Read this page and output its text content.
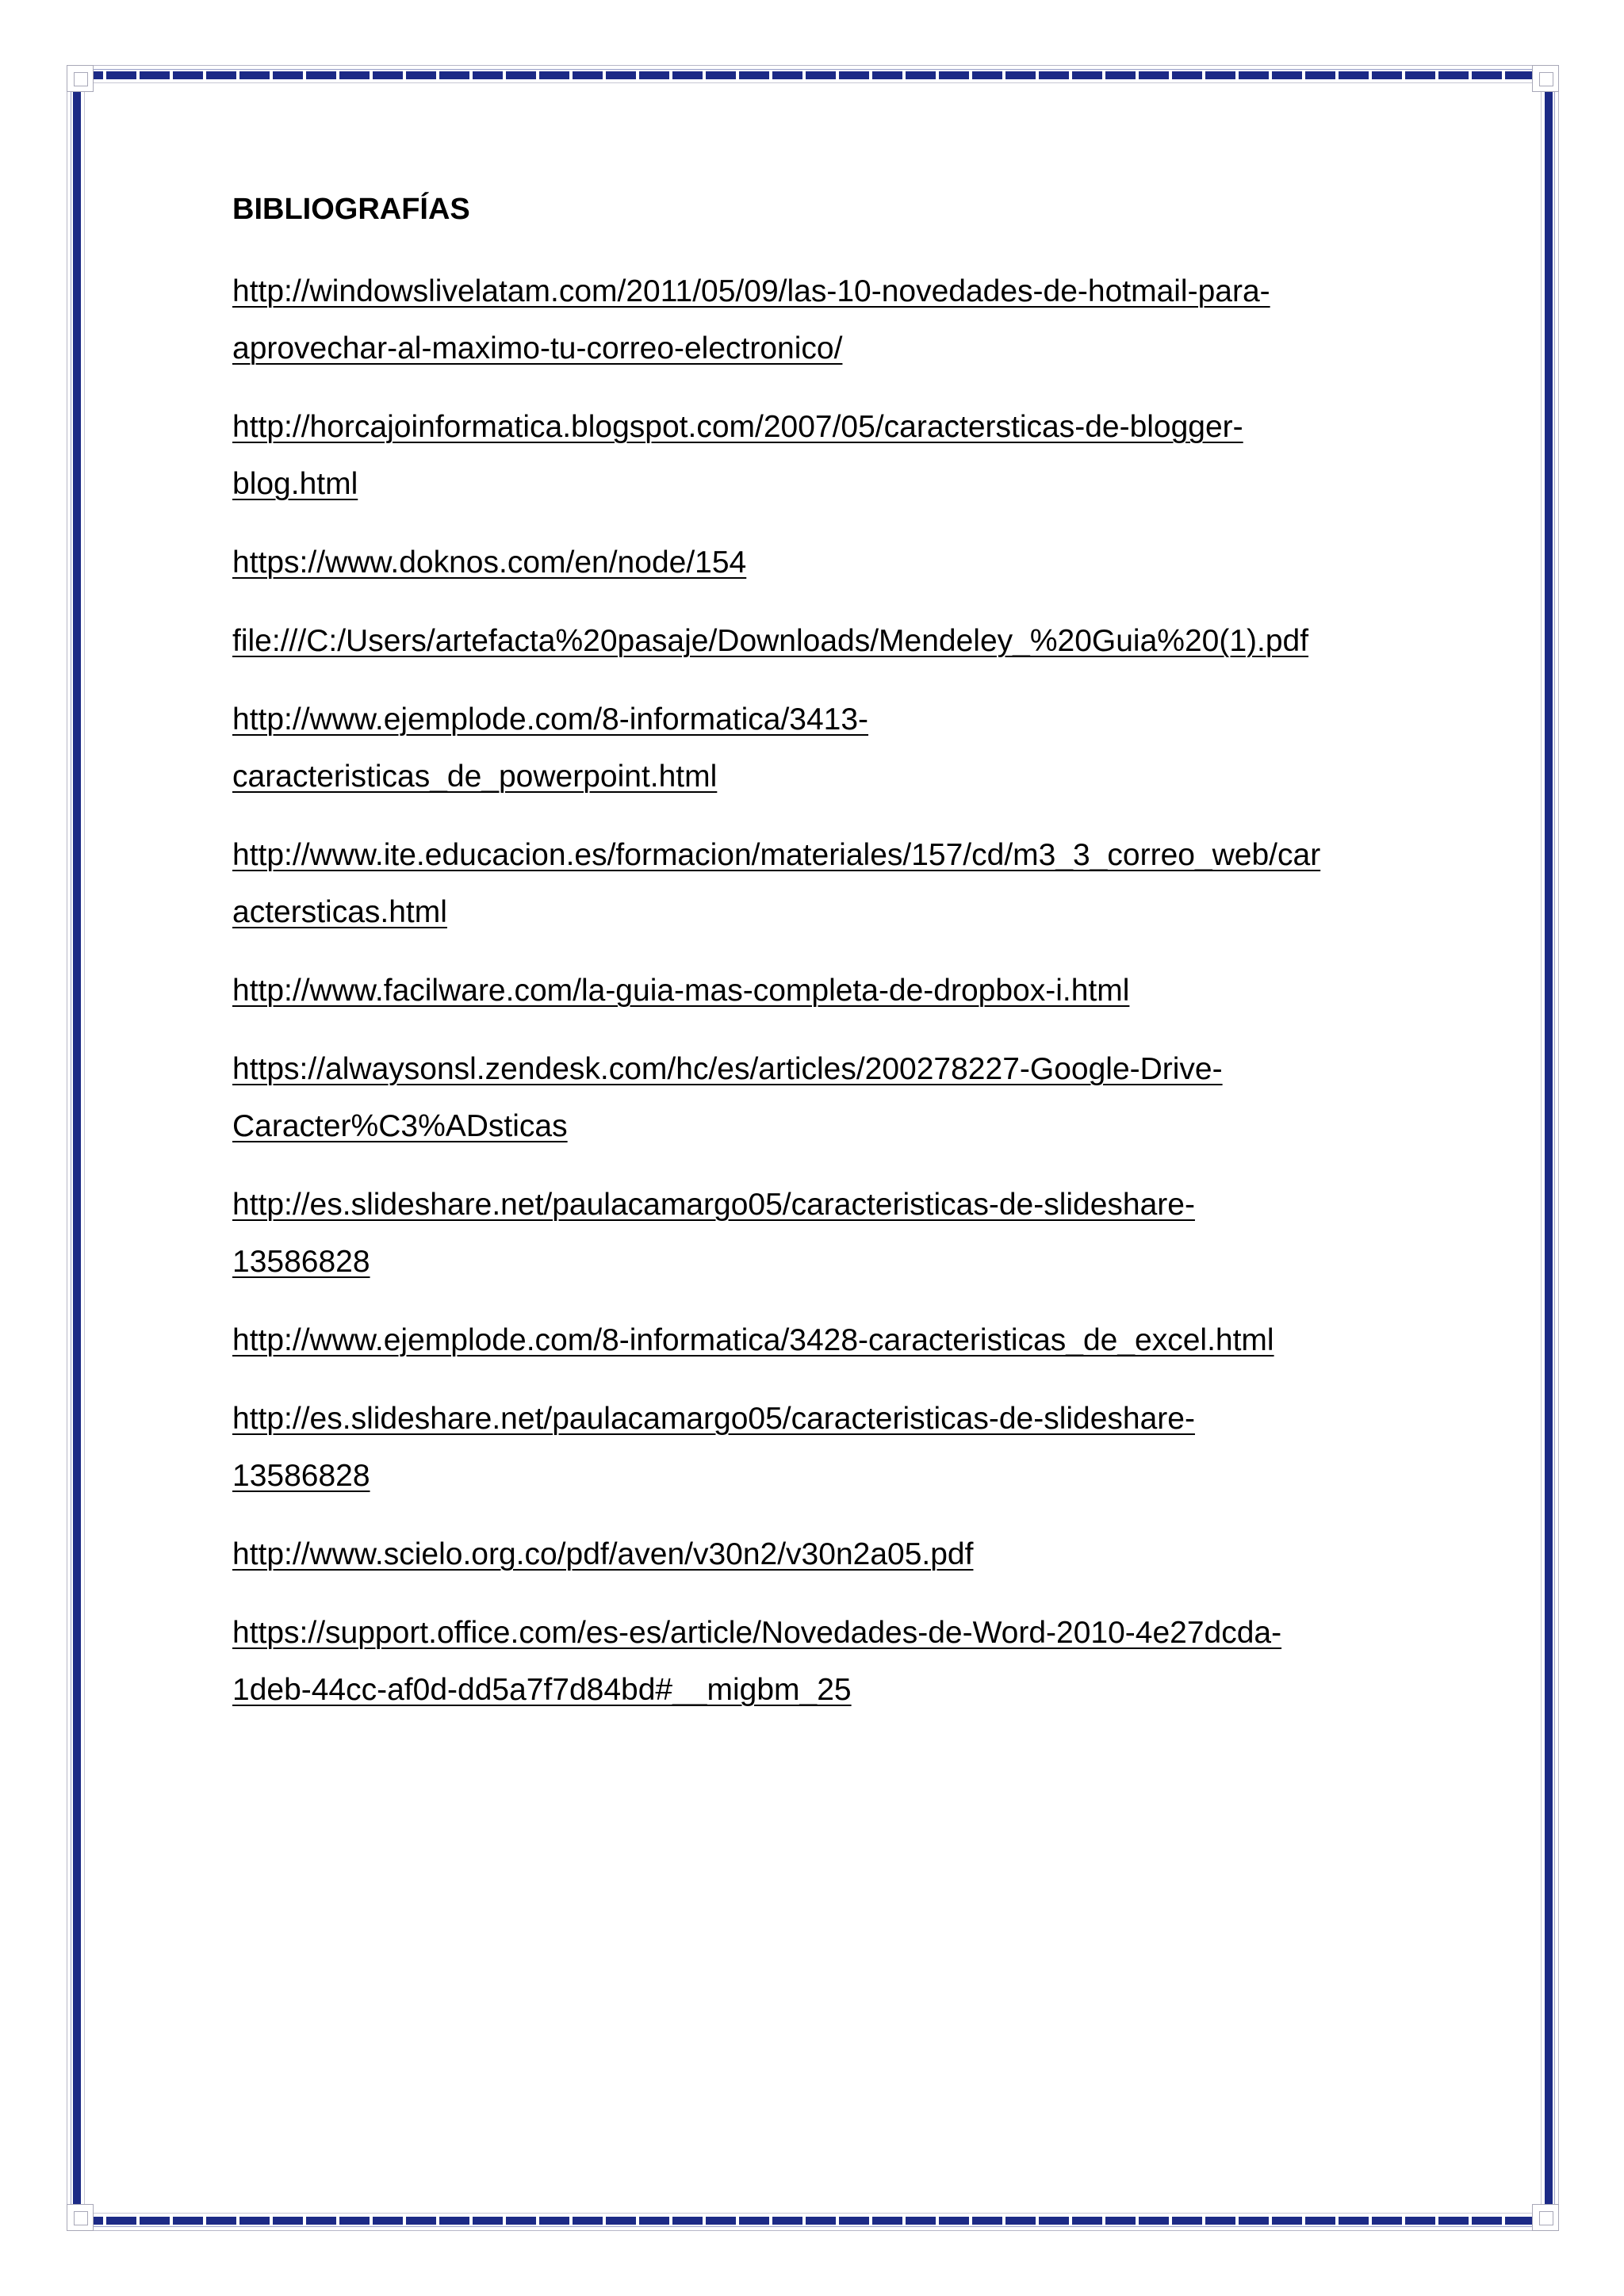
BIBLIOGRAFÍAS
http://windowslivelatam.com/2011/05/09/las-10-novedades-de-hotmail-para-
aprovechar-al-maximo-tu-correo-electronico/
http://horcajoinformatica.blogspot.com/2007/05/caractersticas-de-blogger-
blog.html
https://www.doknos.com/en/node/154
file:///C:/Users/artefacta%20pasaje/Downloads/Mendeley_%20Guia%20(1).pdf
http://www.ejemplode.com/8-informatica/3413-
caracteristicas_de_powerpoint.html
http://www.ite.educacion.es/formacion/materiales/157/cd/m3_3_correo_web/car
actersticas.html
http://www.facilware.com/la-guia-mas-completa-de-dropbox-i.html
https://alwaysonsl.zendesk.com/hc/es/articles/200278227-Google-Drive-
Caracter%C3%ADsticas
http://es.slideshare.net/paulacamargo05/caracteristicas-de-slideshare-
13586828
http://www.ejemplode.com/8-informatica/3428-caracteristicas_de_excel.html
http://es.slideshare.net/paulacamargo05/caracteristicas-de-slideshare-
13586828
http://www.scielo.org.co/pdf/aven/v30n2/v30n2a05.pdf
https://support.office.com/es-es/article/Novedades-de-Word-2010-4e27dcda-
1deb-44cc-af0d-dd5a7f7d84bd#__migbm_25
